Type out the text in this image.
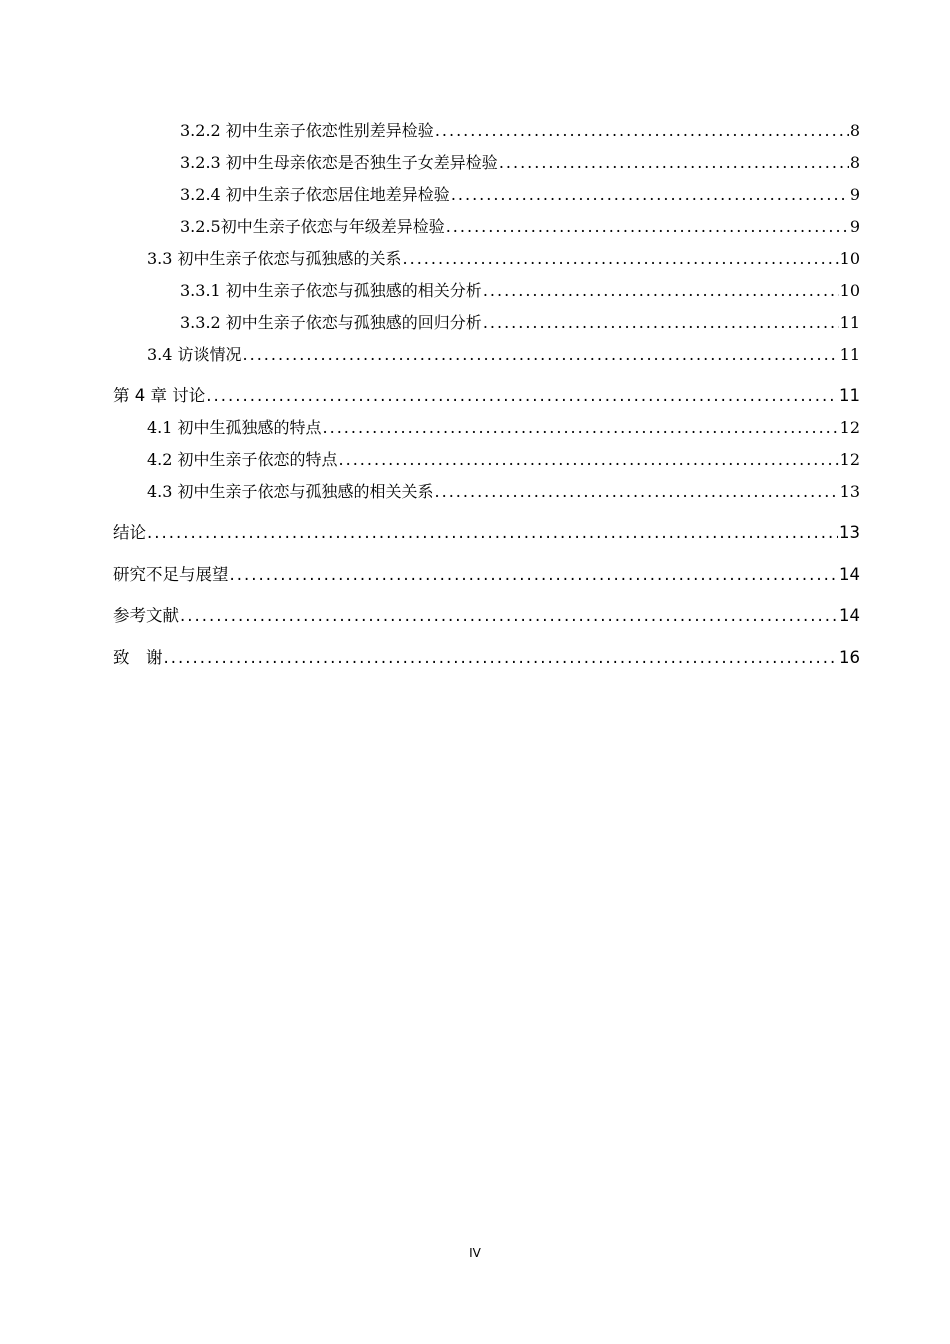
3.2.2 初中生亲子依恋性别差异检验 .....	8
3.2.3 初中生母亲依恋是否独生子女差异检验 .....	8
3.2.4 初中生亲子依恋居住地差异检验 .....	9
3.2.5初中生亲子依恋与年级差异检验 .....	9
3.3 初中生亲子依恋与孤独感的关系 .....	10
3.3.1 初中生亲子依恋与孤独感的相关分析 .....	10
3.3.2 初中生亲子依恋与孤独感的回归分析 .....	11
3.4 访谈情况 .....	11
第 4 章 讨论 .....	11
4.1 初中生孤独感的特点 .....	12
4.2 初中生亲子依恋的特点 .....	12
4.3 初中生亲子依恋与孤独感的相关关系 .....	13
结论 .....	13
研究不足与展望 .....	14
参考文献 .....	14
致　谢 .....	16
IV
